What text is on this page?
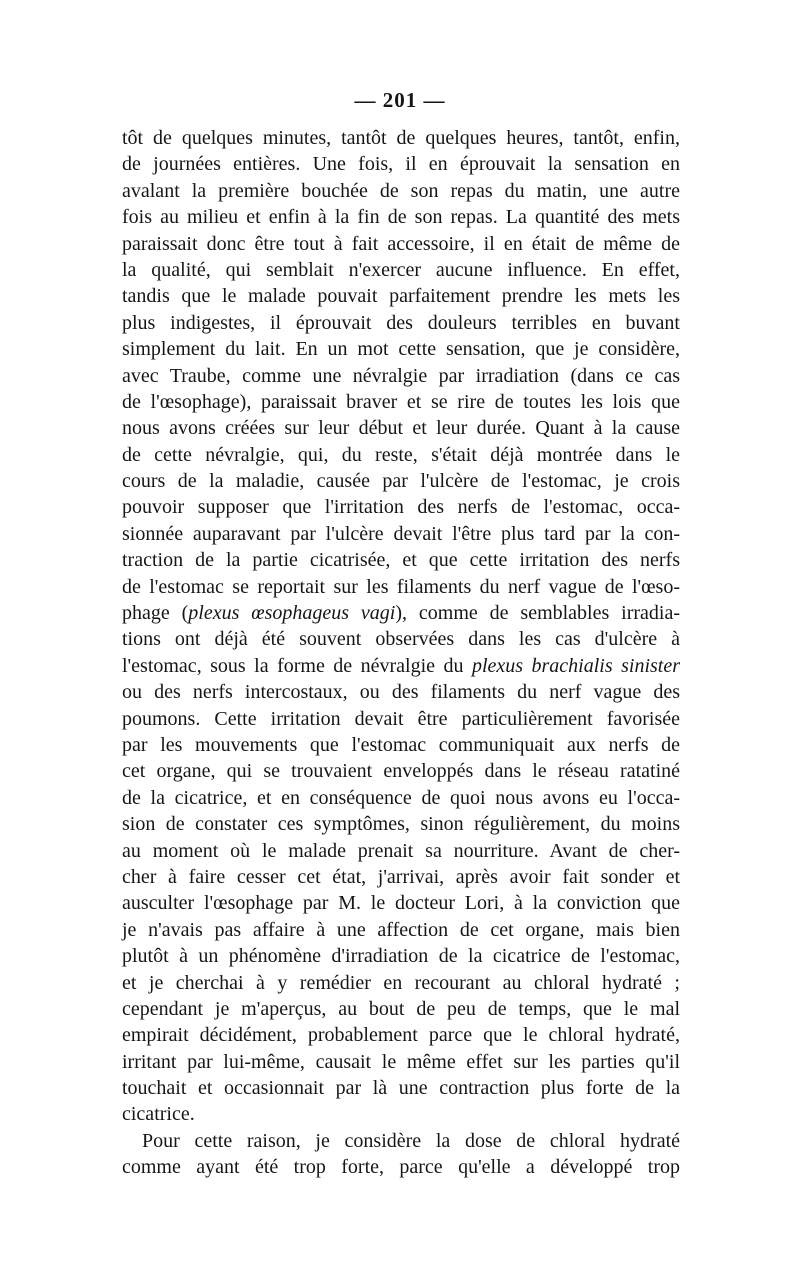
— 201 —
tôt de quelques minutes, tantôt de quelques heures, tantôt, enfin,
de journées entières. Une fois, il en éprouvait la sensation en
avalant la première bouchée de son repas du matin, une autre
fois au milieu et enfin à la fin de son repas. La quantité des mets
paraissait donc être tout à fait accessoire, il en était de même de
la qualité, qui semblait n'exercer aucune influence. En effet,
tandis que le malade pouvait parfaitement prendre les mets les
plus indigestes, il éprouvait des douleurs terribles en buvant
simplement du lait. En un mot cette sensation, que je considère,
avec Traube, comme une névralgie par irradiation (dans ce cas
de l'œsophage), paraissait braver et se rire de toutes les lois que
nous avons créées sur leur début et leur durée. Quant à la cause
de cette névralgie, qui, du reste, s'était déjà montrée dans le
cours de la maladie, causée par l'ulcère de l'estomac, je crois
pouvoir supposer que l'irritation des nerfs de l'estomac, occa-
sionnée auparavant par l'ulcère devait l'être plus tard par la con-
traction de la partie cicatrisée, et que cette irritation des nerfs
de l'estomac se reportait sur les filaments du nerf vague de l'œso-
phage (plexus œsophageus vagi), comme de semblables irradia-
tions ont déjà été souvent observées dans les cas d'ulcère à
l'estomac, sous la forme de névralgie du plexus brachialis sinister
ou des nerfs intercostaux, ou des filaments du nerf vague des
poumons. Cette irritation devait être particulièrement favorisée
par les mouvements que l'estomac communiquait aux nerfs de
cet organe, qui se trouvaient enveloppés dans le réseau ratatiné
de la cicatrice, et en conséquence de quoi nous avons eu l'occa-
sion de constater ces symptômes, sinon régulièrement, du moins
au moment où le malade prenait sa nourriture. Avant de cher-
cher à faire cesser cet état, j'arrivai, après avoir fait sonder et
ausculter l'œsophage par M. le docteur Lori, à la conviction que
je n'avais pas affaire à une affection de cet organe, mais bien
plutôt à un phénomène d'irradiation de la cicatrice de l'estomac,
et je cherchai à y remédier en recourant au chloral hydraté ;
cependant je m'aperçus, au bout de peu de temps, que le mal
empirait décidément, probablement parce que le chloral hydraté,
irritant par lui-même, causait le même effet sur les parties qu'il
touchait et occasionnait par là une contraction plus forte de la
cicatrice.
Pour cette raison, je considère la dose de chloral hydraté
comme ayant été trop forte, parce qu'elle a développé trop
